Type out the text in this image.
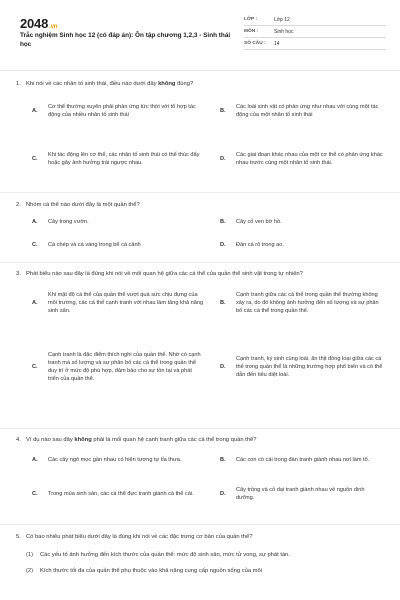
2048.vn
Trắc nghiệm Sinh học 12 (có đáp án): Ôn tập chương 1,2,3 - Sinh thái học
LỚP :	Lớp 12
MÔN :	Sinh học
SỐ CÂU :	14
1. Khi nói về các nhân tố sinh thái, điều nào dưới đây không đúng?
A.
Cơ thể thường xuyên phải phản ứng tức thời với tổ hợp tác động của nhiều nhân tố sinh thái
B.
Các loài sinh vật có phản ứng như nhau với cùng một tác động của một nhân tố sinh thái
C.
Khi tác động lên cơ thể, các nhân tố sinh thái có thể thúc đẩy hoặc gây ảnh hưởng trái ngược nhau.
D.
Các giai đoạn khác nhau của một cơ thể có phản ứng khác nhau trước cùng một nhân tố sinh thái.
2. Nhóm cá thể nào dưới đây là một quần thể?
A.	Cây trong vườn.	B.	Cây cỏ ven bờ hồ.
C.	Cá chép và cá vàng trong bể cá cảnh	D.	Đàn cá rô trong ao.
3. Phát biểu nào sau đây là đúng khi nói về mối quan hệ giữa các cá thể của quần thể sinh vật trong tự nhiên?
A.
Khi mật độ cá thể của quần thể vượt quá sức chịu đựng của môi trường, các cá thể cạnh tranh với nhau làm tăng khả năng sinh sản.
B.
Cạnh tranh giữa các cá thể trong quần thể thường không xảy ra, do đó không ảnh hưởng đến số lượng và sự phân bố các cá thể trong quần thể.
C.
Cạnh tranh là đặc điểm thích nghi của quần thể. Nhờ có cạnh tranh mà số lượng và sự phân bố các cá thể trong quần thể duy trì ở mức độ phù hợp, đảm bảo cho sự tồn tại và phát triển của quần thể.
D.
Cạnh tranh, ký sinh cùng loài, ăn thịt đồng loại giữa các cá thể trong quần thể là những trường hợp phổ biến và có thể dẫn đến tiêu diệt loài.
4. Ví dụ nào sau đây không phải là mối quan hệ cạnh tranh giữa các cá thể trong quần thể?
A.	Các cây ngô mọc gần nhau có hiện tượng tự tỉa thưa.	B.	Các con cò cái trong đàn tranh giành nhau nơi làm tổ.
C.	Trong mùa sinh sản, các cá thể đực tranh giành cá thể cái.	D.
Cây trồng và cỏ dại tranh giành nhau về nguồn dinh dưỡng.
5. Có bao nhiêu phát biểu dưới đây là đúng khi nói về các đặc trưng cơ bản của quần thể?
(1)	Các yếu tố ảnh hưởng đến kích thước của quần thể: mức độ sinh sản, mức tử vong, sự phát tán.
(2)	Kích thước tối đa của quần thể phụ thuộc vào khả năng cung cấp nguồn sống của môi
